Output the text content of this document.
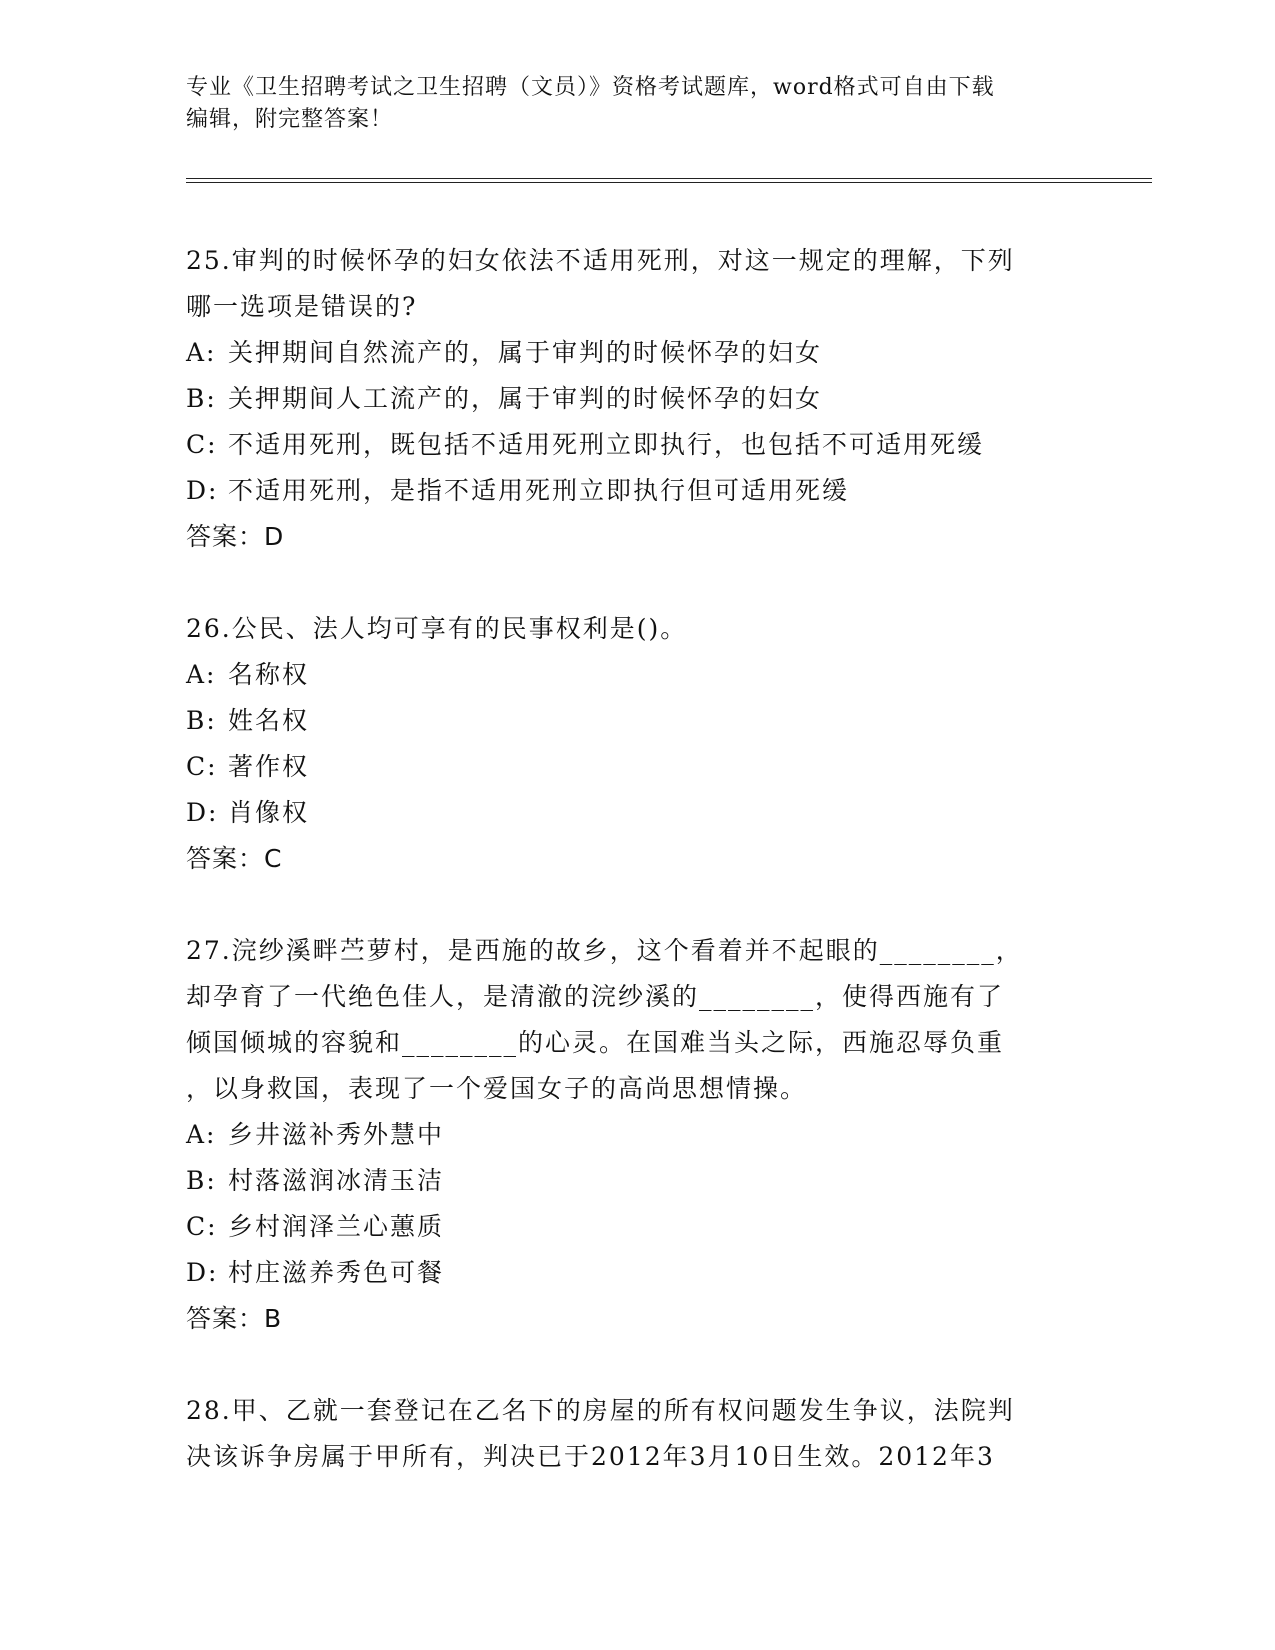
专业《卫生招聘考试之卫生招聘（文员）》资格考试题库，word格式可自由下载
编辑，附完整答案！
25.审判的时候怀孕的妇女依法不适用死刑，对这一规定的理解，下列
哪一选项是错误的?
A: 关押期间自然流产的，属于审判的时候怀孕的妇女
B: 关押期间人工流产的，属于审判的时候怀孕的妇女
C: 不适用死刑，既包括不适用死刑立即执行，也包括不可适用死缓
D: 不适用死刑，是指不适用死刑立即执行但可适用死缓
答案：D
26.公民、法人均可享有的民事权利是()。
A: 名称权
B: 姓名权
C: 著作权
D: 肖像权
答案：C
27.浣纱溪畔苎萝村，是西施的故乡，这个看着并不起眼的________，
却孕育了一代绝色佳人，是清澈的浣纱溪的________，使得西施有了
倾国倾城的容貌和________的心灵。在国难当头之际，西施忍辱负重
，以身救国，表现了一个爱国女子的高尚思想情操。
A: 乡井滋补秀外慧中
B: 村落滋润冰清玉洁
C: 乡村润泽兰心蕙质
D: 村庄滋养秀色可餐
答案：B
28.甲、乙就一套登记在乙名下的房屋的所有权问题发生争议，法院判
决该诉争房属于甲所有，判决已于2012年3月10日生效。2012年3
